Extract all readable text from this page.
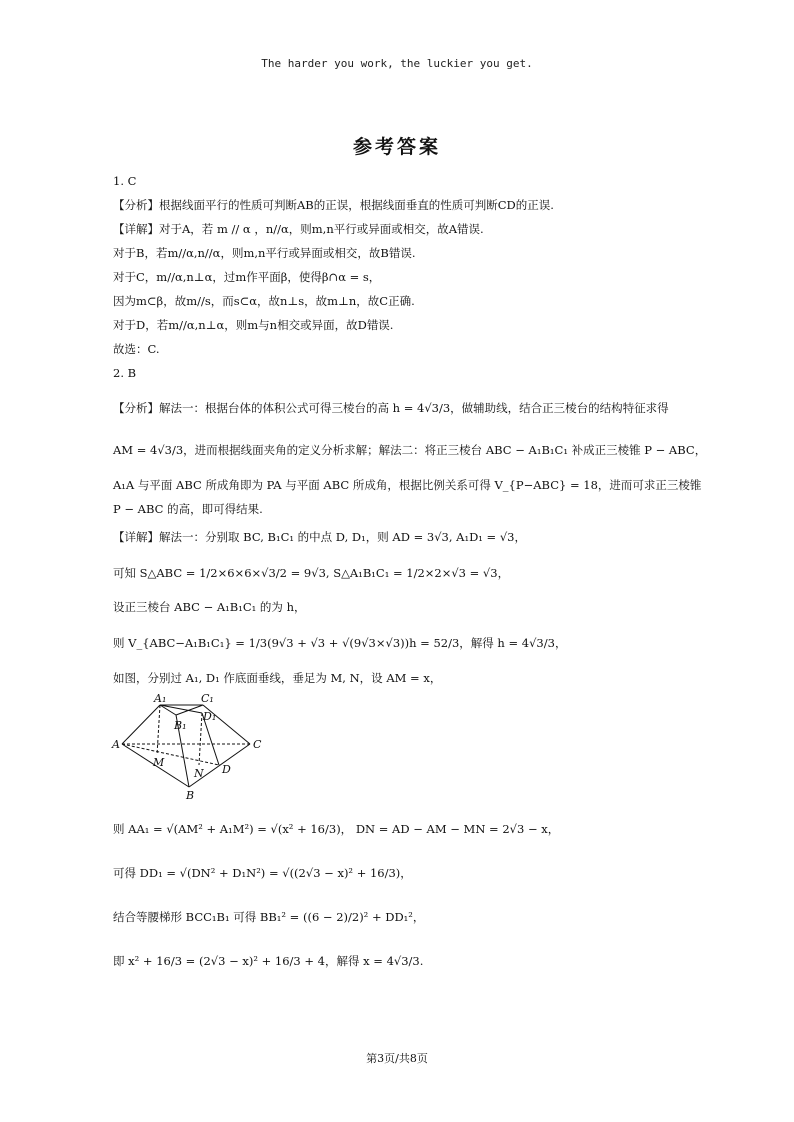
The harder you work, the luckier you get.
参考答案
1. C
【分析】根据线面平行的性质可判断AB的正误，根据线面垂直的性质可判断CD的正误.
【详解】对于A，若 m // α ，n//α，则m,n平行或异面或相交，故A错误.
对于B，若m//α,n//α，则m,n平行或异面或相交，故B错误.
对于C，m//α,n⊥α，过m作平面β，使得β∩α = s，
因为m⊂β，故m//s，而s⊂α，故n⊥s，故m⊥n，故C正确.
对于D，若m//α,n⊥α，则m与n相交或异面，故D错误.
故选：C.
2. B
【分析】解法一：根据台体的体积公式可得三棱台的高 h = 4√3/3，做辅助线，结合正三棱台的结构特征求得
AM = 4√3/3，进而根据线面夹角的定义分析求解；解法二：将正三棱台 ABC − A₁B₁C₁ 补成正三棱锥 P − ABC，
A₁A 与平面 ABC 所成角即为 PA 与平面 ABC 所成角，根据比例关系可得 V_{P−ABC} = 18，进而可求正三棱锥
P − ABC 的高，即可得结果.
【详解】解法一：分别取 BC, B₁C₁ 的中点 D, D₁，则 AD = 3√3, A₁D₁ = √3，
可知 S△ABC = 1/2×6×6×√3/2 = 9√3, S△A₁B₁C₁ = 1/2×2×√3 = √3，
设正三棱台 ABC − A₁B₁C₁ 的为 h，
则 V_{ABC−A₁B₁C₁} = 1/3(9√3 + √3 + √(9√3×√3))h = 52/3，解得 h = 4√3/3，
如图，分别过 A₁, D₁ 作底面垂线，垂足为 M, N，设 AM = x，
则 AA₁ = √(AM² + A₁M²) = √(x² + 16/3)， DN = AD − AM − MN = 2√3 − x，
可得 DD₁ = √(DN² + D₁N²) = √((2√3 − x)² + 16/3)，
结合等腰梯形 BCC₁B₁ 可得 BB₁² = ((6 − 2)/2)² + DD₁²，
即 x² + 16/3 = (2√3 − x)² + 16/3 + 4，解得 x = 4√3/3.
A₁	C₁
D₁
B₁
A	C
M
N D
B
第3页/共8页
